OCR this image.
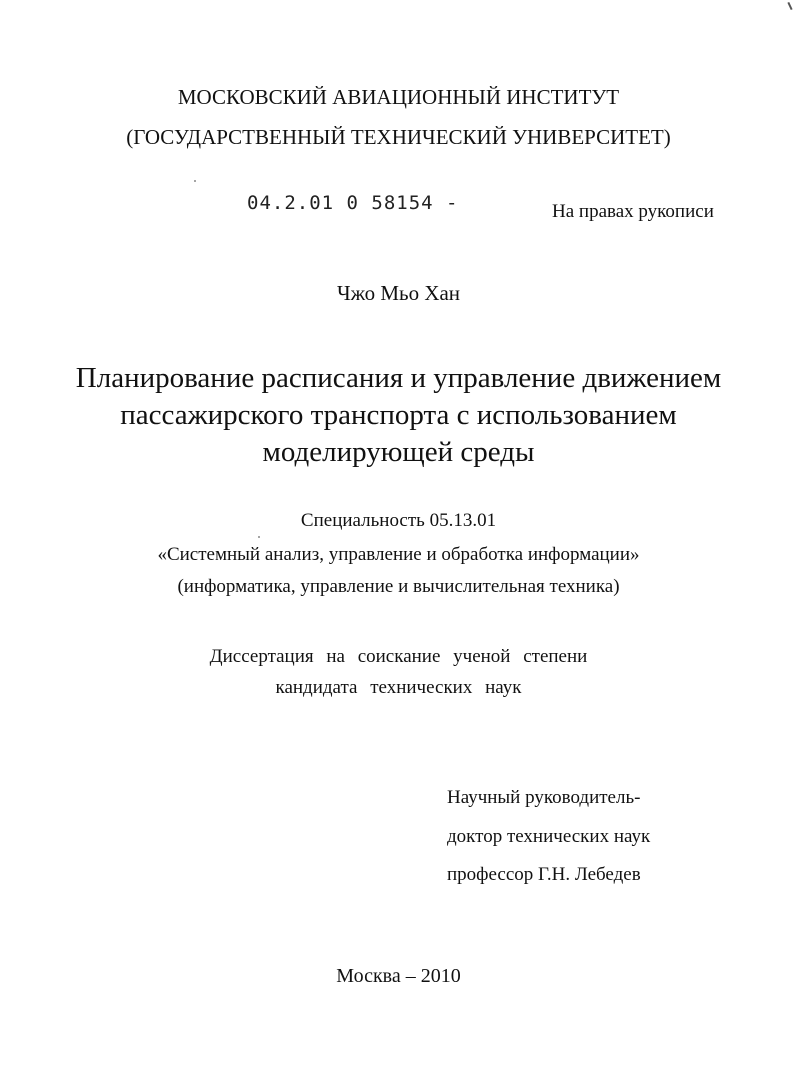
МОСКОВСКИЙ АВИАЦИОННЫЙ ИНСТИТУТ
(ГОСУДАРСТВЕННЫЙ ТЕХНИЧЕСКИЙ УНИВЕРСИТЕТ)
04.2.01 0 58154 -	На правах рукописи
Чжо Мьо Хан
Планирование расписания и управление движением
пассажирского транспорта с использованием
моделирующей среды
Специальность 05.13.01
«Системный анализ, управление и обработка информации»
(информатика, управление и вычислительная техника)
Диссертация на соискание ученой степени
кандидата технических наук
Научный руководитель-
доктор технических наук
профессор Г.Н. Лебедев
Москва – 2010
